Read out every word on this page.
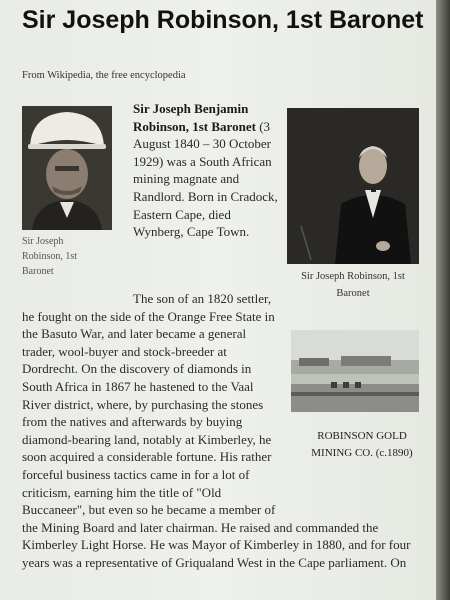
Sir Joseph Robinson, 1st Baronet
From Wikipedia, the free encyclopedia
Sir Joseph Robinson, 1st Baronet	Sir Joseph Robinson, 1st Baronet
ROBINSON GOLD MINING CO. (c.1890)
Sir Joseph Benjamin Robinson, 1st Baronet (3 August 1840 – 30 October 1929) was a South African mining magnate and Randlord. Born in Cradock, Eastern Cape, died Wynberg, Cape Town.
The son of an 1820 settler, he fought on the side of the Orange Free State in the Basuto War, and later became a general trader, wool-buyer and stock-breeder at Dordrecht. On the discovery of diamonds in South Africa in 1867 he hastened to the Vaal River district, where, by purchasing the stones from the natives and afterwards by buying diamond-bearing land, notably at Kimberley, he soon acquired a considerable fortune. His rather forceful business tactics came in for a lot of criticism, earning him the title of "Old Buccaneer", but even so he became a member of the Mining Board and later chairman. He raised and commanded the Kimberley Light Horse. He was Mayor of Kimberley in 1880, and for four years was a representative of Griqualand West in the Cape parliament. On
